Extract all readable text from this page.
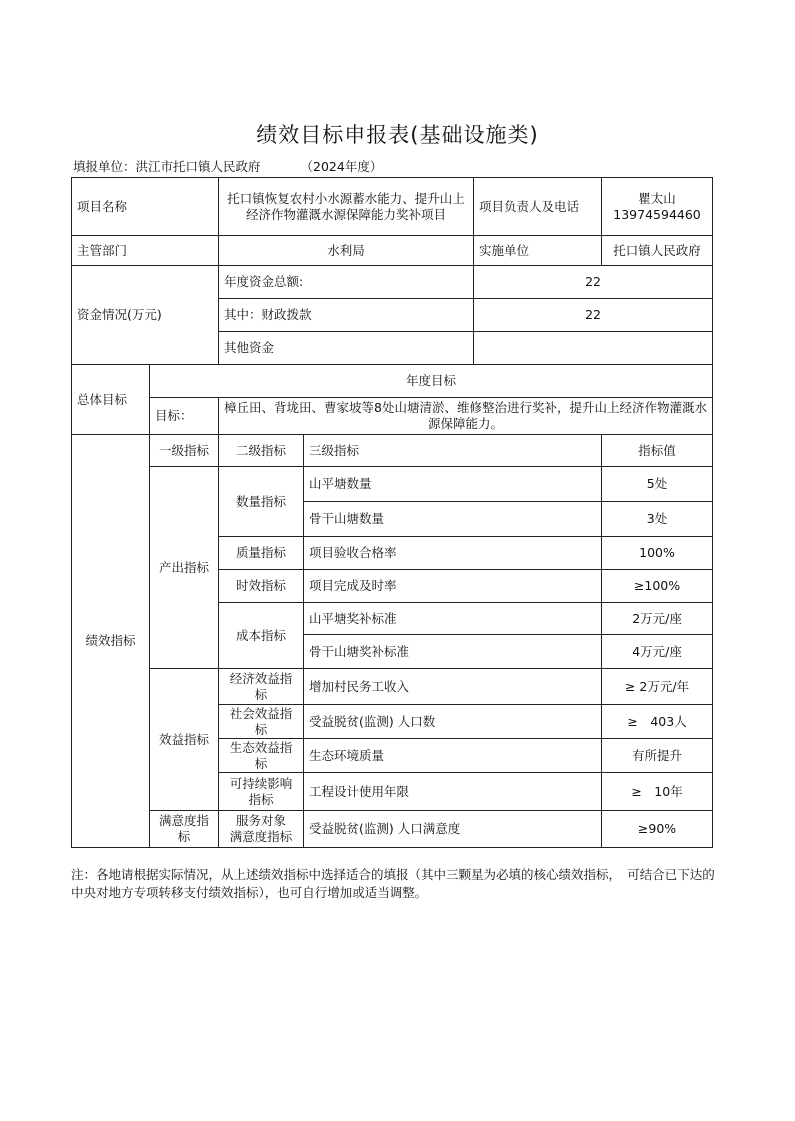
绩效目标申报表(基础设施类)
填报单位：洪江市托口镇人民政府	（2024年度）
项目名称		托口镇恢复农村小水源蓄水能力、提升山上经济作物灌溉水源保障能力奖补项目		项目负责人及电话	瞿太山
13974594460

主管部门		水利局		实施单位	托口镇人民政府
资金情况(万元)		年度资金总额:		22	
		其中：财政拨款		22	
		其他资金			
总体目标	年度目标				
	目标：	樟丘田、背垅田、曹家坡等8处山塘清淤、维修整治进行奖补，提升山上经济作物灌溉水源保障能力。			
绩效指标	一级指标	二级指标	三级指标		指标值
	产出指标	数量指标	山平塘数量		5处
			骨干山塘数量		3处
		质量指标	项目验收合格率		100%
		时效指标	项目完成及时率		≥100%
		成本指标	山平塘奖补标准		2万元/座
			骨干山塘奖补标准		4万元/座
	效益指标	经济效益指标	增加村民务工收入		≥ 2万元/年
		社会效益指标	受益脱贫(监测) 人口数		≥　403人
		生态效益指标	生态环境质量		有所提升
		可持续影响指标	工程设计使用年限		≥　10年
	满意度指标	服务对象　满意度指标	受益脱贫(监测) 人口满意度		≥90%
注：各地请根据实际情况，从上述绩效指标中选择适合的填报（其中三颗星为必填的核心绩效指标，　可结合已下达的中央对地方专项转移支付绩效指标），也可自行增加或适当调整。
